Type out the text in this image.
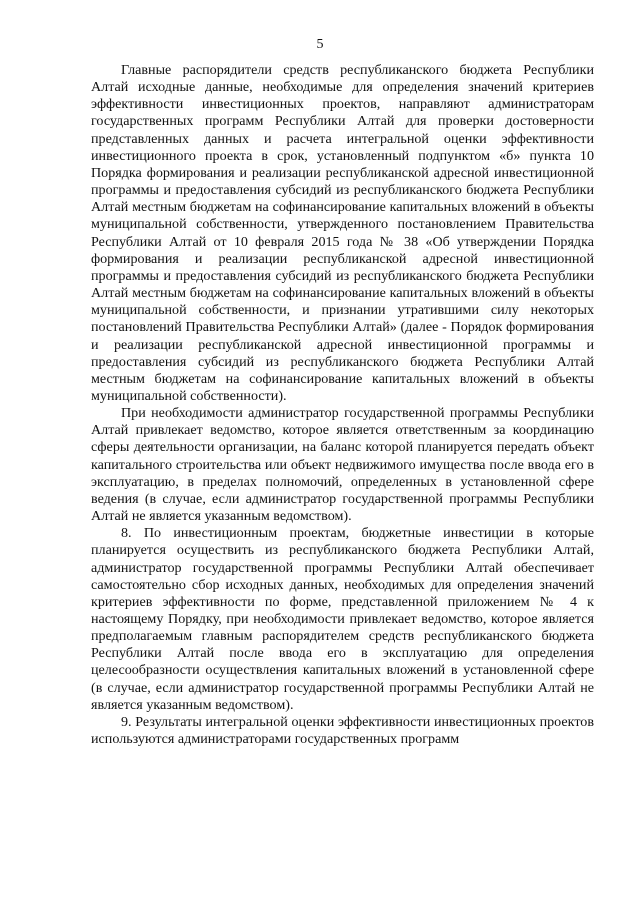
5

Главные распорядители средств республиканского бюджета Республики Алтай исходные данные, необходимые для определения значений критериев эффективности инвестиционных проектов, направляют администраторам государственных программ Республики Алтай для проверки достоверности представленных данных и расчета интегральной оценки эффективности инвестиционного проекта в срок, установленный подпунктом «б» пункта 10 Порядка формирования и реализации республиканской адресной инвестиционной программы и предоставления субсидий из республиканского бюджета Республики Алтай местным бюджетам на софинансирование капитальных вложений в объекты муниципальной собственности, утвержденного постановлением Правительства Республики Алтай от 10 февраля 2015 года № 38 «Об утверждении Порядка формирования и реализации республиканской адресной инвестиционной программы и предоставления субсидий из республиканского бюджета Республики Алтай местным бюджетам на софинансирование капитальных вложений в объекты муниципальной собственности, и признании утратившими силу некоторых постановлений Правительства Республики Алтай» (далее - Порядок формирования и реализации республиканской адресной инвестиционной программы и предоставления субсидий из республиканского бюджета Республики Алтай местным бюджетам на софинансирование капитальных вложений в объекты муниципальной собственности).

При необходимости администратор государственной программы Республики Алтай привлекает ведомство, которое является ответственным за координацию сферы деятельности организации, на баланс которой планируется передать объект капитального строительства или объект недвижимого имущества после ввода его в эксплуатацию, в пределах полномочий, определенных в установленной сфере ведения (в случае, если администратор государственной программы Республики Алтай не является указанным ведомством).

8. По инвестиционным проектам, бюджетные инвестиции в которые планируется осуществить из республиканского бюджета Республики Алтай, администратор государственной программы Республики Алтай обеспечивает самостоятельно сбор исходных данных, необходимых для определения значений критериев эффективности по форме, представленной приложением № 4 к настоящему Порядку, при необходимости привлекает ведомство, которое является предполагаемым главным распорядителем средств республиканского бюджета Республики Алтай после ввода его в эксплуатацию для определения целесообразности осуществления капитальных вложений в установленной сфере (в случае, если администратор государственной программы Республики Алтай не является указанным ведомством).

9. Результаты интегральной оценки эффективности инвестиционных проектов используются администраторами государственных программ
